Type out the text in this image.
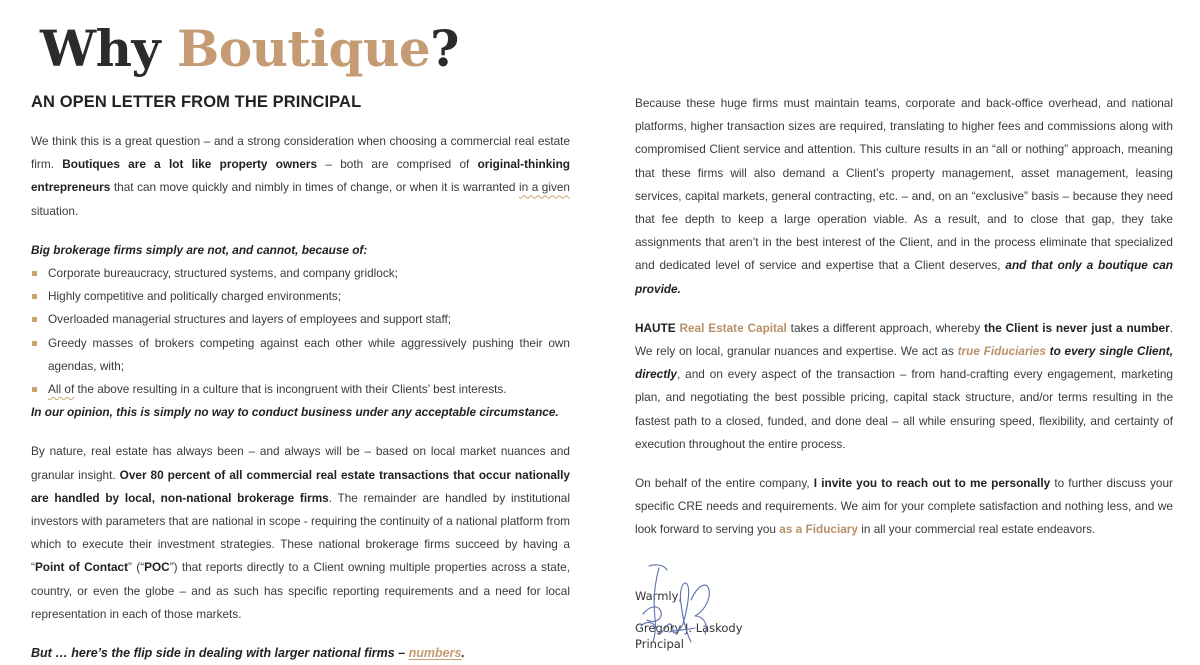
Why Boutique?
AN OPEN LETTER FROM THE PRINCIPAL

We think this is a great question – and a strong consideration when choosing a commercial real estate firm. Boutiques are a lot like property owners – both are comprised of original-thinking entrepreneurs that can move quickly and nimbly in times of change, or when it is warranted in a given situation.

Big brokerage firms simply are not, and cannot, because of:

Corporate bureaucracy, structured systems, and company gridlock;
Highly competitive and politically charged environments;
Overloaded managerial structures and layers of employees and support staff;
Greedy masses of brokers competing against each other while aggressively pushing their own agendas, with;
All of the above resulting in a culture that is incongruent with their Clients’ best interests.

In our opinion, this is simply no way to conduct business under any acceptable circumstance.

By nature, real estate has always been – and always will be – based on local market nuances and granular insight. Over 80 percent of all commercial real estate transactions that occur nationally are handled by local, non-national brokerage firms. The remainder are handled by institutional investors with parameters that are national in scope - requiring the continuity of a national platform from which to execute their investment strategies. These national brokerage firms succeed by having a “Point of Contact” (“POC”) that reports directly to a Client owning multiple properties across a state, country, or even the globe – and as such has specific reporting requirements and a need for local representation in each of those markets.

But … here’s the flip side in dealing with larger national firms – numbers.

Because these huge firms must maintain teams, corporate and back-office overhead, and national platforms, higher transaction sizes are required, translating to higher fees and commissions along with compromised Client service and attention. This culture results in an “all or nothing” approach, meaning that these firms will also demand a Client’s property management, asset management, leasing services, capital markets, general contracting, etc. – and, on an “exclusive” basis – because they need that fee depth to keep a large operation viable. As a result, and to close that gap, they take assignments that aren’t in the best interest of the Client, and in the process eliminate that specialized and dedicated level of service and expertise that a Client deserves, and that only a boutique can provide.

HAUTE Real Estate Capital takes a different approach, whereby the Client is never just a number. We rely on local, granular nuances and expertise. We act as true Fiduciaries to every single Client, directly, and on every aspect of the transaction – from hand-crafting every engagement, marketing plan, and negotiating the best possible pricing, capital stack structure, and/or terms resulting in the fastest path to a closed, funded, and done deal – all while ensuring speed, flexibility, and certainty of execution throughout the entire process.

On behalf of the entire company, I invite you to reach out to me personally to further discuss your specific CRE needs and requirements. We aim for your complete satisfaction and nothing less, and we look forward to serving you as a Fiduciary in all your commercial real estate endeavors.

Warmly,
Gregory J. Laskody
Principal
